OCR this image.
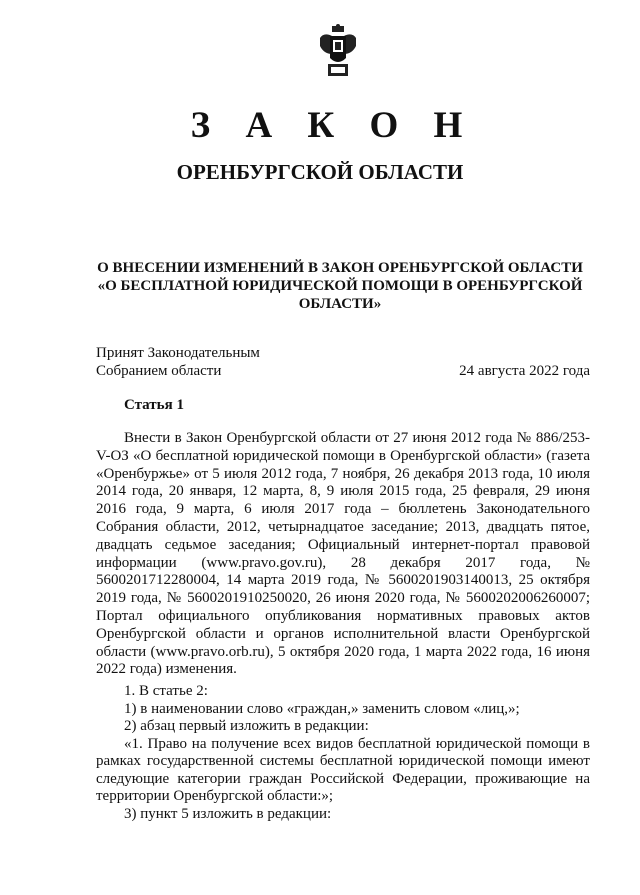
З А К О Н
ОРЕНБУРГСКОЙ ОБЛАСТИ
О ВНЕСЕНИИ ИЗМЕНЕНИЙ В ЗАКОН ОРЕНБУРГСКОЙ ОБЛАСТИ
«О БЕСПЛАТНОЙ ЮРИДИЧЕСКОЙ ПОМОЩИ В ОРЕНБУРГСКОЙ
ОБЛАСТИ»
Принят Законодательным
Собранием области	24 августа 2022 года
Статья 1
Внести в Закон Оренбургской области от 27 июня 2012 года № 886/253-V-ОЗ «О бесплатной юридической помощи в Оренбургской области» (газета «Оренбуржье» от 5 июля 2012 года, 7 ноября, 26 декабря 2013 года, 10 июля 2014 года, 20 января, 12 марта, 8, 9 июля 2015 года, 25 февраля, 29 июня 2016 года, 9 марта, 6 июля 2017 года – бюллетень Законодательного Собрания области, 2012, четырнадцатое заседание; 2013, двадцать пятое, двадцать седьмое заседания; Официальный интернет-портал правовой информации (www.pravo.gov.ru), 28 декабря 2017 года, № 5600201712280004, 14 марта 2019 года, № 5600201903140013, 25 октября 2019 года, № 5600201910250020, 26 июня 2020 года, № 5600202006260007; Портал официального опубликования нормативных правовых актов Оренбургской области и органов исполнительной власти Оренбургской области (www.pravo.orb.ru), 5 октября 2020 года, 1 марта 2022 года, 16 июня 2022 года) изменения.
1. В статье 2:
1) в наименовании слово «граждан,» заменить словом «лиц,»;
2) абзац первый изложить в редакции:
«1. Право на получение всех видов бесплатной юридической помощи в рамках государственной системы бесплатной юридической помощи имеют следующие категории граждан Российской Федерации, проживающие на территории Оренбургской области:»;
3) пункт 5 изложить в редакции:
